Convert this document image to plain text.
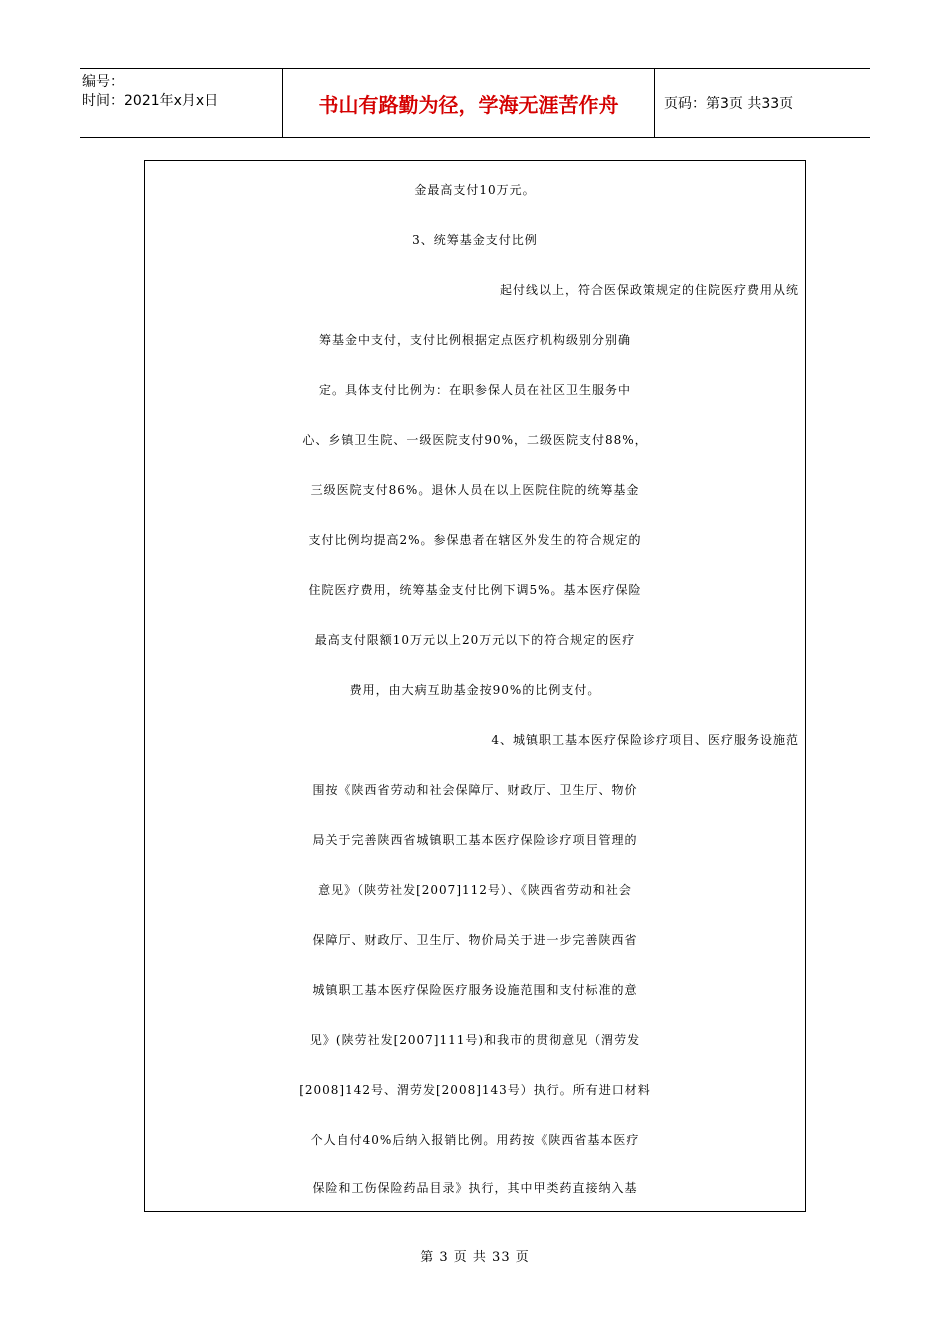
编号：
时间：2021年x月x日	书山有路勤为径，学海无涯苦作舟	页码：第3页 共33页
金最高支付10万元。
3、统筹基金支付比例
起付线以上，符合医保政策规定的住院医疗费用从统
筹基金中支付，支付比例根据定点医疗机构级别分别确
定。具体支付比例为：在职参保人员在社区卫生服务中
心、乡镇卫生院、一级医院支付90%，二级医院支付88%，
三级医院支付86%。退休人员在以上医院住院的统筹基金
支付比例均提高2%。参保患者在辖区外发生的符合规定的
住院医疗费用，统筹基金支付比例下调5%。基本医疗保险
最高支付限额10万元以上20万元以下的符合规定的医疗
费用，由大病互助基金按90%的比例支付。
4、城镇职工基本医疗保险诊疗项目、医疗服务设施范
围按《陕西省劳动和社会保障厅、财政厅、卫生厅、物价
局关于完善陕西省城镇职工基本医疗保险诊疗项目管理的
意见》（陕劳社发[2007]112号）、《陕西省劳动和社会
保障厅、财政厅、卫生厅、物价局关于进一步完善陕西省
城镇职工基本医疗保险医疗服务设施范围和支付标准的意
见》(陕劳社发[2007]111号)和我市的贯彻意见（渭劳发
[2008]142号、渭劳发[2008]143号）执行。所有进口材料
个人自付40%后纳入报销比例。用药按《陕西省基本医疗
保险和工伤保险药品目录》执行，其中甲类药直接纳入基
第 3 页 共 33 页
